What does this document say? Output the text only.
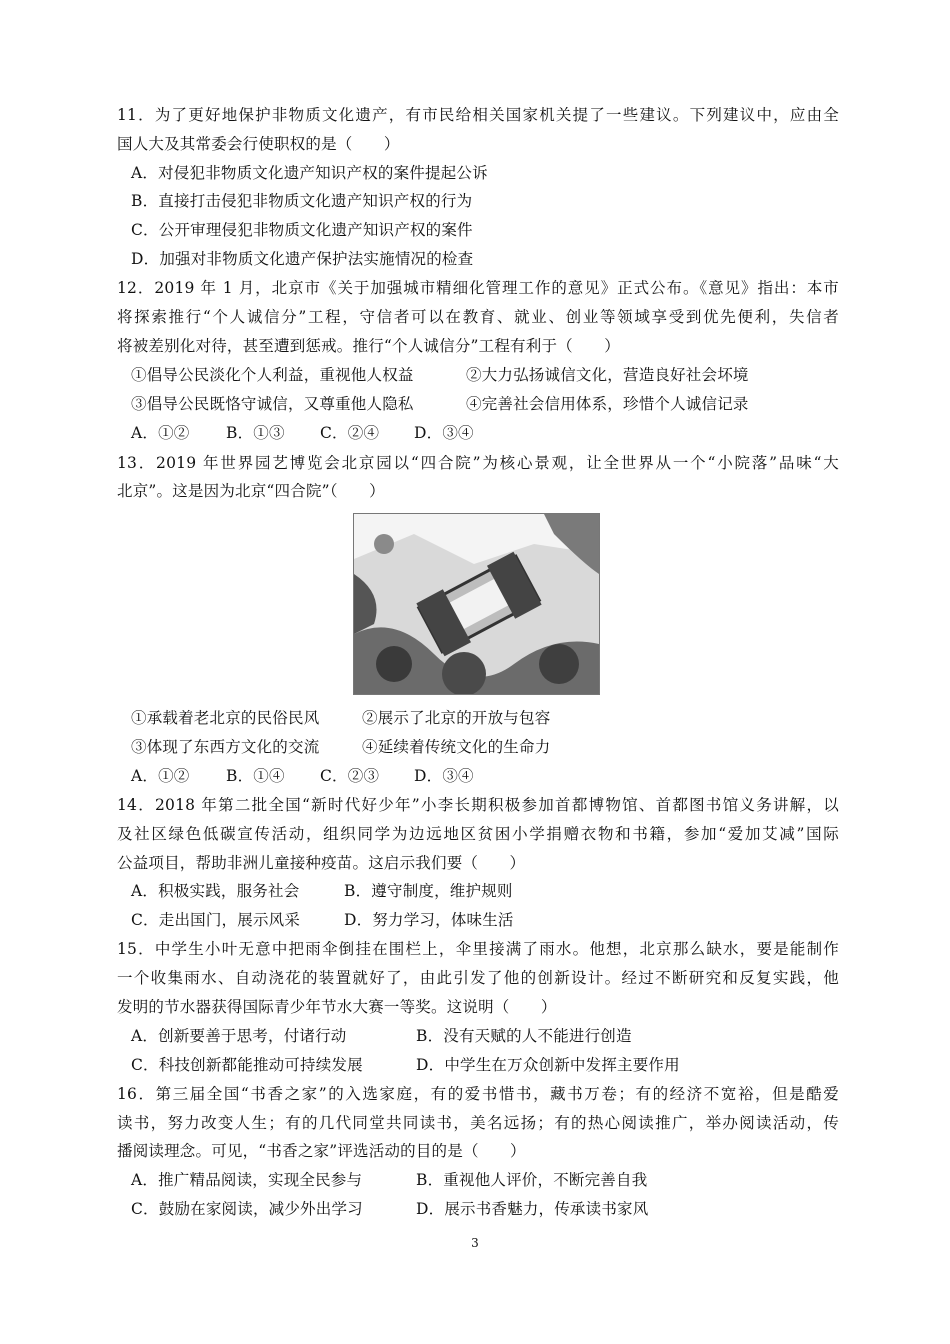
11．为了更好地保护非物质文化遗产，有市民给相关国家机关提了一些建议。下列建议中，应由全
国人大及其常委会行使职权的是（　　）
A．对侵犯非物质文化遗产知识产权的案件提起公诉
B．直接打击侵犯非物质文化遗产知识产权的行为
C．公开审理侵犯非物质文化遗产知识产权的案件
D．加强对非物质文化遗产保护法实施情况的检查
12．2019 年 1 月，北京市《关于加强城市精细化管理工作的意见》正式公布。《意见》指出：本市
将探索推行“个人诚信分”工程，守信者可以在教育、就业、创业等领域享受到优先便利，失信者
将被差别化对待，甚至遭到惩戒。推行“个人诚信分”工程有利于（　　）
①倡导公民淡化个人利益，重视他人权益	②大力弘扬诚信文化，营造良好社会坏境
③倡导公民既恪守诚信，又尊重他人隐私	④完善社会信用体系，珍惜个人诚信记录
A．①② B．①③ C．②④ D．③④
13．2019 年世界园艺博览会北京园以“四合院”为核心景观，让全世界从一个“小院落”品味“大
北京”。这是因为北京“四合院”（　　）
①承载着老北京的民俗民风	②展示了北京的开放与包容
③体现了东西方文化的交流	④延续着传统文化的生命力
A．①② B．①④ C．②③ D．③④
14．2018 年第二批全国“新时代好少年”小李长期积极参加首都博物馆、首都图书馆义务讲解，以
及社区绿色低碳宣传活动，组织同学为边远地区贫困小学捐赠衣物和书籍，参加“爱加艾减”国际
公益项目，帮助非洲儿童接种疫苗。这启示我们要（　　）
A．积极实践，服务社会	B．遵守制度，维护规则
C．走出国门，展示风采	D．努力学习，体味生活
15．中学生小叶无意中把雨伞倒挂在围栏上，伞里接满了雨水。他想，北京那么缺水，要是能制作
一个收集雨水、自动浇花的装置就好了，由此引发了他的创新设计。经过不断研究和反复实践，他
发明的节水器获得国际青少年节水大赛一等奖。这说明（　　）
A．创新要善于思考，付诸行动	B．没有天赋的人不能进行创造
C．科技创新都能推动可持续发展	D．中学生在万众创新中发挥主要作用
16．第三届全国“书香之家”的入选家庭，有的爱书惜书，藏书万卷；有的经济不宽裕，但是酷爱
读书，努力改变人生；有的几代同堂共同读书，美名远扬；有的热心阅读推广，举办阅读活动，传
播阅读理念。可见，“书香之家”评选活动的目的是（　　）
A．推广精品阅读，实现全民参与	B．重视他人评价，不断完善自我
C．鼓励在家阅读，减少外出学习	D．展示书香魅力，传承读书家风
3
